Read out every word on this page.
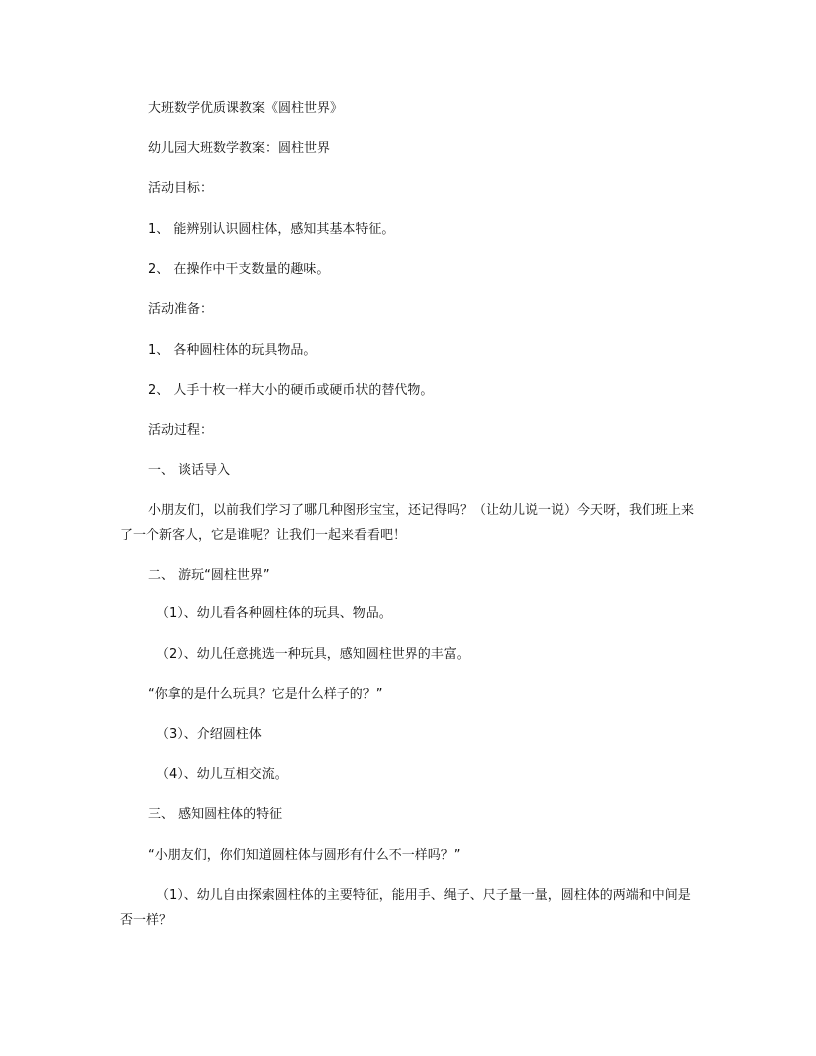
大班数学优质课教案《圆柱世界》

幼儿园大班数学教案：圆柱世界

活动目标：

1、 能辨别认识圆柱体，感知其基本特征。

2、 在操作中干支数量的趣味。

活动准备：

1、 各种圆柱体的玩具物品。

2、 人手十枚一样大小的硬币或硬币状的替代物。

活动过程：

一、 谈话导入

小朋友们，以前我们学习了哪几种图形宝宝，还记得吗？（让幼儿说一说）今天呀，我们班上来了一个新客人，它是谁呢？让我们一起来看看吧！

二、 游玩“圆柱世界”

（1）、幼儿看各种圆柱体的玩具、物品。

（2）、幼儿任意挑选一种玩具，感知圆柱世界的丰富。

“你拿的是什么玩具？它是什么样子的？”

（3）、介绍圆柱体

（4）、幼儿互相交流。

三、 感知圆柱体的特征

“小朋友们，你们知道圆柱体与圆形有什么不一样吗？”

（1）、幼儿自由探索圆柱体的主要特征，能用手、绳子、尺子量一量，圆柱体的两端和中间是否一样？
